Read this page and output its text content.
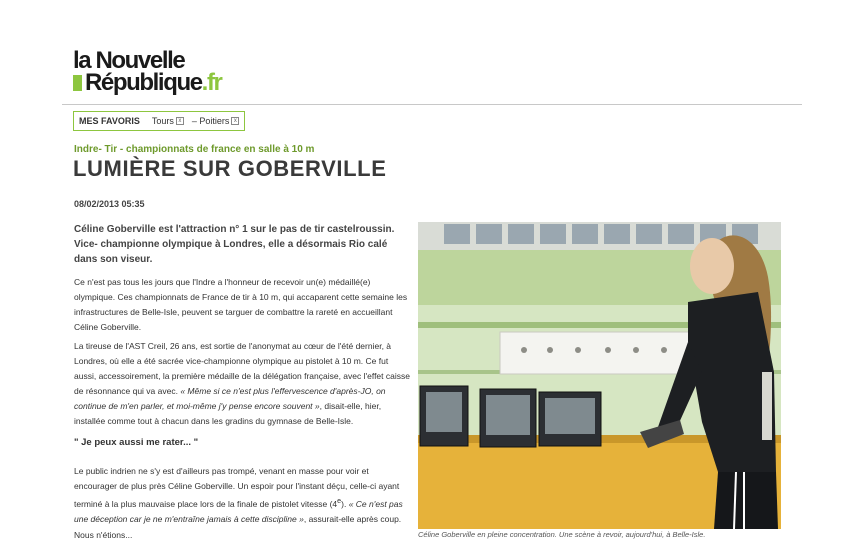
la Nouvelle
République.fr
MES FAVORIS Tours x – Poitiers x
Indre- Tir - championnats de france en salle à 10 m
LUMIÈRE SUR GOBERVILLE
08/02/2013 05:35
Céline Goberville est l'attraction n° 1 sur le pas de tir castelroussin. Vice- championne olympique à Londres, elle a désormais Rio calé dans son viseur.
Ce n'est pas tous les jours que l'Indre a l'honneur de recevoir un(e) médaillé(e) olympique. Ces championnats de France de tir à 10 m, qui accaparent cette semaine les infrastructures de Belle-Isle, peuvent se targuer de combattre la rareté en accueillant Céline Goberville.
La tireuse de l'AST Creil, 26 ans, est sortie de l'anonymat au cœur de l'été dernier, à Londres, où elle a été sacrée vice-championne olympique au pistolet à 10 m. Ce fut aussi, accessoirement, la première médaille de la délégation française, avec l'effet caisse de résonnance qui va avec. « Même si ce n'est plus l'effervescence d'après-JO, on continue de m'en parler, et moi-même j'y pense encore souvent », disait-elle, hier, installée comme tout à chacun dans les gradins du gymnase de Belle-Isle.
" Je peux aussi me rater... "
Le public indrien ne s'y est d'ailleurs pas trompé, venant en masse pour voir et encourager de plus près Céline Goberville. Un espoir pour l'instant déçu, celle-ci ayant terminé à la plus mauvaise place lors de la finale de pistolet vitesse (4e). « Ce n'est pas une déception car je ne m'entraîne jamais à cette discipline », assurait-elle après coup.
Nous n'étions...	Céline Goberville en pleine concentration. Une scène à revoir, aujourd'hui, à Belle-Isle.
